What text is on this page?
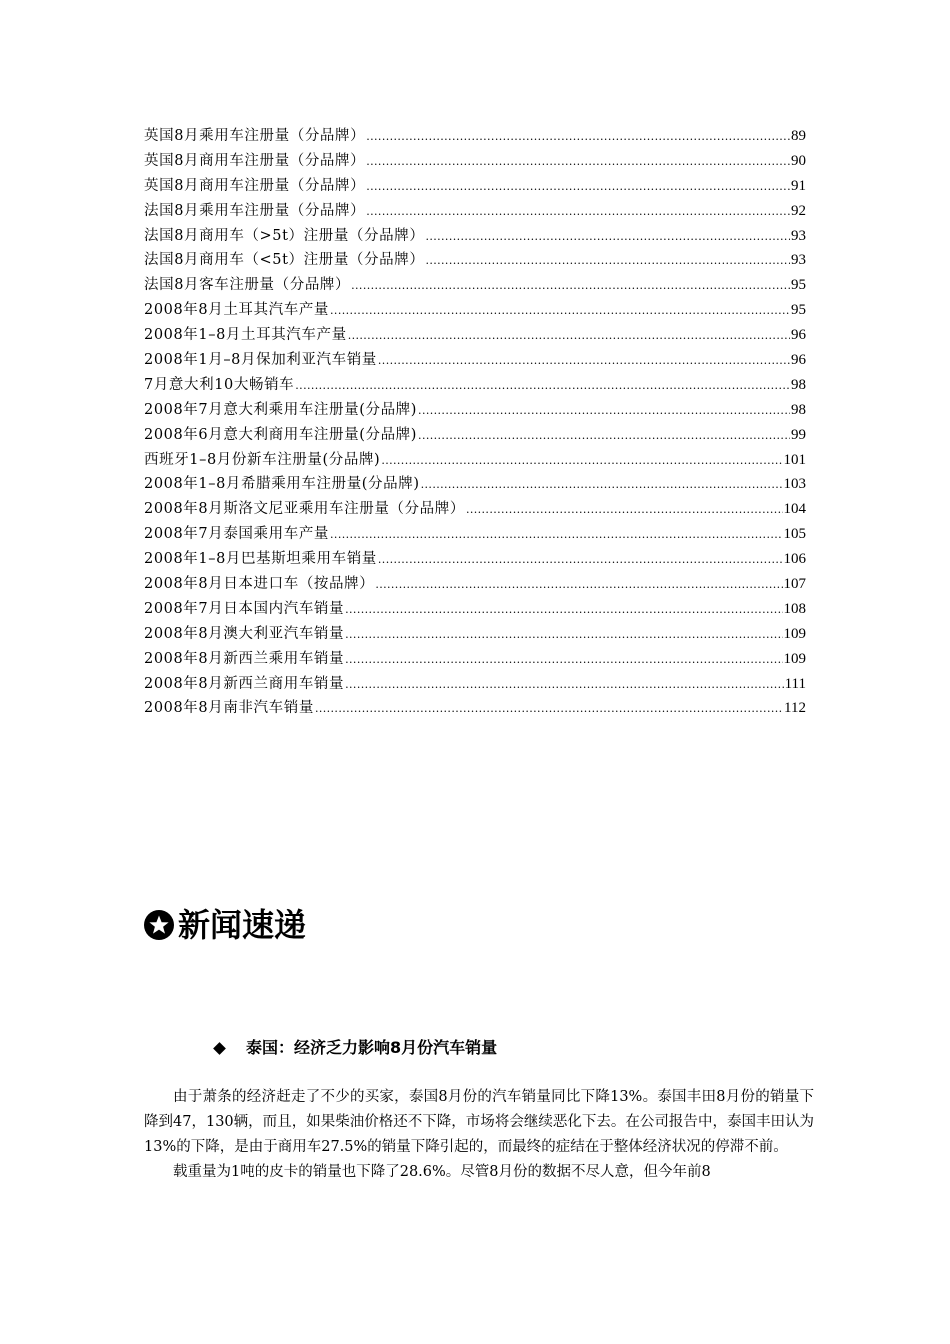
英国8月乘用车注册量（分品牌） .....	89
英国8月商用车注册量（分品牌） .....	90
英国8月商用车注册量（分品牌） .....	91
法国8月乘用车注册量（分品牌） .....	92
法国8月商用车（>5t）注册量（分品牌） .....	93
法国8月商用车（<5t）注册量（分品牌） .....	93
法国8月客车注册量（分品牌） .....	95
2008年8月土耳其汽车产量 .....	95
2008年1–8月土耳其汽车产量 .....	96
2008年1月–8月保加利亚汽车销量 .....	96
7月意大利10大畅销车 .....	98
2008年7月意大利乘用车注册量(分品牌) .....	98
2008年6月意大利商用车注册量(分品牌) .....	99
西班牙1–8月份新车注册量(分品牌) .....	101
2008年1–8月希腊乘用车注册量(分品牌) .....	103
2008年8月斯洛文尼亚乘用车注册量（分品牌） .....	104
2008年7月泰国乘用车产量 .....	105
2008年1–8月巴基斯坦乘用车销量 .....	106
2008年8月日本进口车（按品牌） .....	107
2008年7月日本国内汽车销量 .....	108
2008年8月澳大利亚汽车销量 .....	109
2008年8月新西兰乘用车销量 .....	109
2008年8月新西兰商用车销量 .....	111
2008年8月南非汽车销量 .....	112
新闻速递
泰国：经济乏力影响8月份汽车销量

由于萧条的经济赶走了不少的买家，泰国8月份的汽车销量同比下降13%。泰国丰田8月份的销量下降到47，130辆，而且，如果柴油价格还不下降，市场将会继续恶化下去。在公司报告中，泰国丰田认为13%的下降，是由于商用车27.5%的销量下降引起的，而最终的症结在于整体经济状况的停滞不前。

载重量为1吨的皮卡的销量也下降了28.6%。尽管8月份的数据不尽人意，但今年前8
